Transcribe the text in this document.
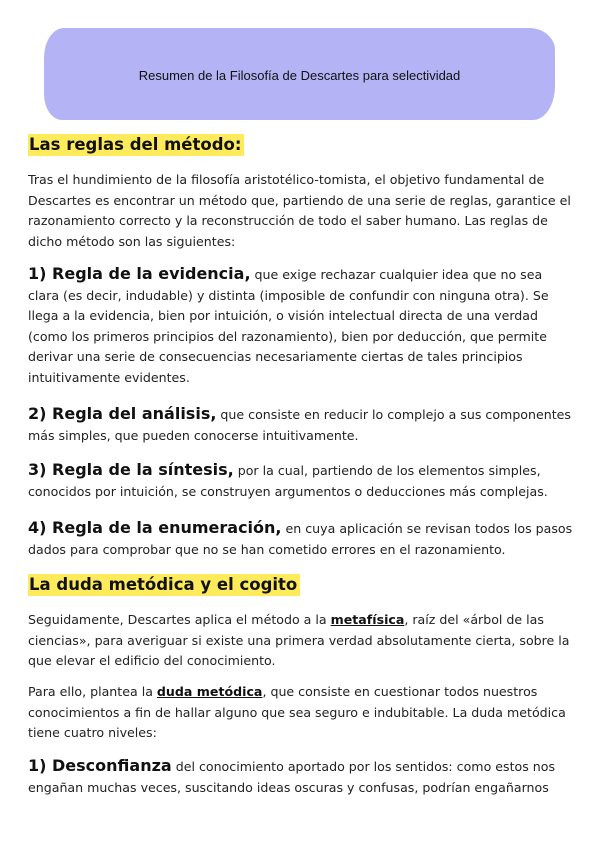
Resumen de la Filosofía de Descartes para selectividad
Las reglas del método:

Tras el hundimiento de la filosofía aristotélico-tomista, el objetivo fundamental de Descartes es encontrar un método que, partiendo de una serie de reglas, garantice el razonamiento correcto y la reconstrucción de todo el saber humano. Las reglas de dicho método son las siguientes:

1) Regla de la evidencia, que exige rechazar cualquier idea que no sea clara (es decir, indudable) y distinta (imposible de confundir con ninguna otra). Se llega a la evidencia, bien por intuición, o visión intelectual directa de una verdad (como los primeros principios del razonamiento), bien por deducción, que permite derivar una serie de consecuencias necesariamente ciertas de tales principios intuitivamente evidentes.

2) Regla del análisis, que consiste en reducir lo complejo a sus componentes más simples, que pueden conocerse intuitivamente.

3) Regla de la síntesis, por la cual, partiendo de los elementos simples, conocidos por intuición, se construyen argumentos o deducciones más complejas.

4) Regla de la enumeración, en cuya aplicación se revisan todos los pasos dados para comprobar que no se han cometido errores en el razonamiento.

La duda metódica y el cogito

Seguidamente, Descartes aplica el método a la metafísica, raíz del «árbol de las ciencias», para averiguar si existe una primera verdad absolutamente cierta, sobre la que elevar el edificio del conocimiento.

Para ello, plantea la duda metódica, que consiste en cuestionar todos nuestros conocimientos a fin de hallar alguno que sea seguro e indubitable. La duda metódica tiene cuatro niveles:

1) Desconfianza del conocimiento aportado por los sentidos: como estos nos engañan muchas veces, suscitando ideas oscuras y confusas, podrían engañarnos
